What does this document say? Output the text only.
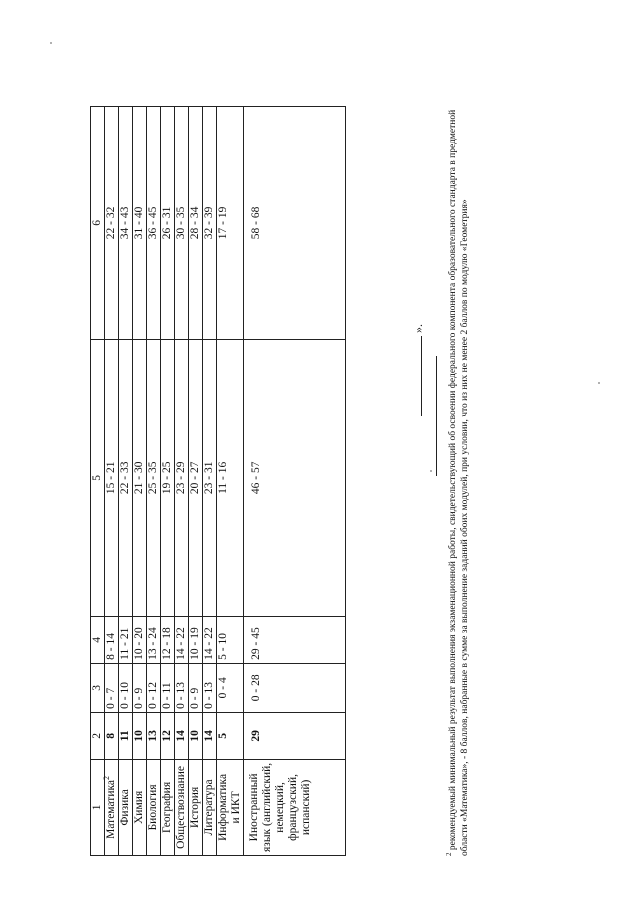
1	2	3	4	5	6
Математика$^2$	8	0 - 7	8 - 14	15 - 21	22 - 32
Физика	11	0 - 10	11 - 21	22 - 33	34 - 43
Химия	10	0 - 9	10 - 20	21 - 30	31 - 40
Биология	13	0 - 12	13 - 24	25 - 35	36 - 45
География	12	0 - 11	12 - 18	19 - 25	26 - 31
Обществознание	14	0 - 13	14 - 22	23 - 29	30 - 35
История	10	0 - 9	10 - 19	20 - 27	28 - 34
Литература	14	0 - 13	14 - 22	23 - 31	32 - 39

Информатика и ИКТ	5	0 - 4	5 - 10	11 - 16	17 - 19

Иностранный язык (английский, немецкий, французский, испанский)	29	0 - 28	29 - 45	46 - 57	58 - 68
».
$^2$ рекомендуемый минимальный результат выполнения экзаменационной работы, свидетельствующий об освоении федерального компонента образовательного стандарта в предметной области «Математика», - 8 баллов, набранные в сумме за выполнение заданий обоих модулей, при условии, что из них не менее 2 баллов по модулю «Геометрия»
